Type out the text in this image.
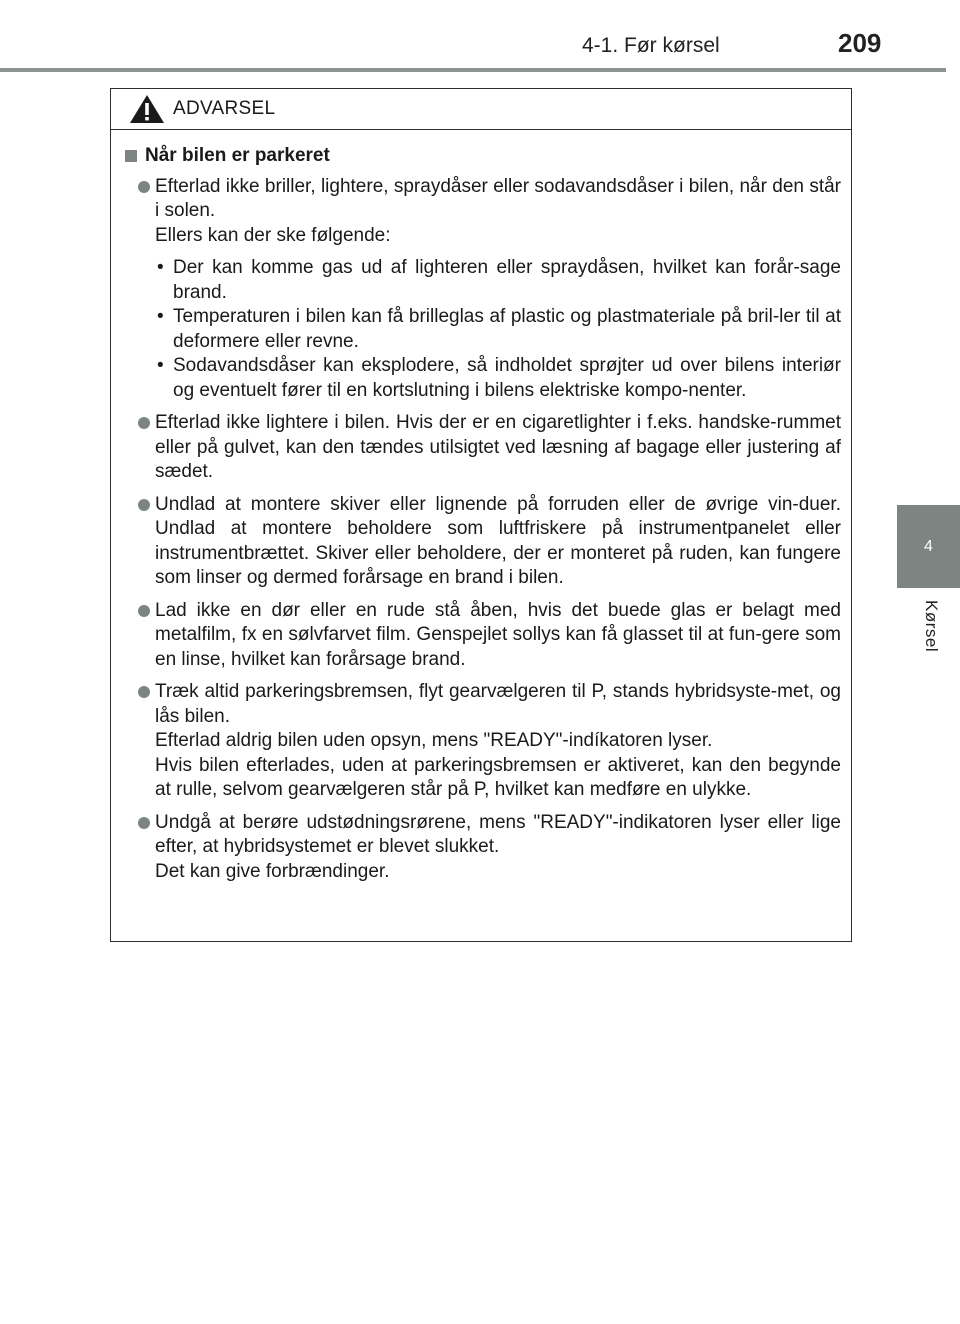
4-1. Før kørsel	209
4
Kørsel
ADVARSEL
Når bilen er parkeret
Efterlad ikke briller, lightere, spraydåser eller sodavandsdåser i bilen, når den står i solen.
Ellers kan der ske følgende:
• Der kan komme gas ud af lighteren eller spraydåsen, hvilket kan forår-sage brand.
• Temperaturen i bilen kan få brilleglas af plastic og plastmateriale på bril-ler til at deformere eller revne.
• Sodavandsdåser kan eksplodere, så indholdet sprøjter ud over bilens interiør og eventuelt fører til en kortslutning i bilens elektriske kompo-nenter.
Efterlad ikke lightere i bilen. Hvis der er en cigaretlighter i f.eks. handske-rummet eller på gulvet, kan den tændes utilsigtet ved læsning af bagage eller justering af sædet.
Undlad at montere skiver eller lignende på forruden eller de øvrige vin-duer. Undlad at montere beholdere som luftfriskere på instrumentpanelet eller instrumentbrættet. Skiver eller beholdere, der er monteret på ruden, kan fungere som linser og dermed forårsage en brand i bilen.
Lad ikke en dør eller en rude stå åben, hvis det buede glas er belagt med metalfilm, fx en sølvfarvet film. Genspejlet sollys kan få glasset til at fun-gere som en linse, hvilket kan forårsage brand.
Træk altid parkeringsbremsen, flyt gearvælgeren til P, stands hybridsyste-met, og lås bilen.
Efterlad aldrig bilen uden opsyn, mens "READY"-indíkatoren lyser.
Hvis bilen efterlades, uden at parkeringsbremsen er aktiveret, kan den begynde at rulle, selvom gearvælgeren står på P, hvilket kan medføre en ulykke.
Undgå at berøre udstødningsrørene, mens "READY"-indikatoren lyser eller lige efter, at hybridsystemet er blevet slukket.
Det kan give forbrændinger.
